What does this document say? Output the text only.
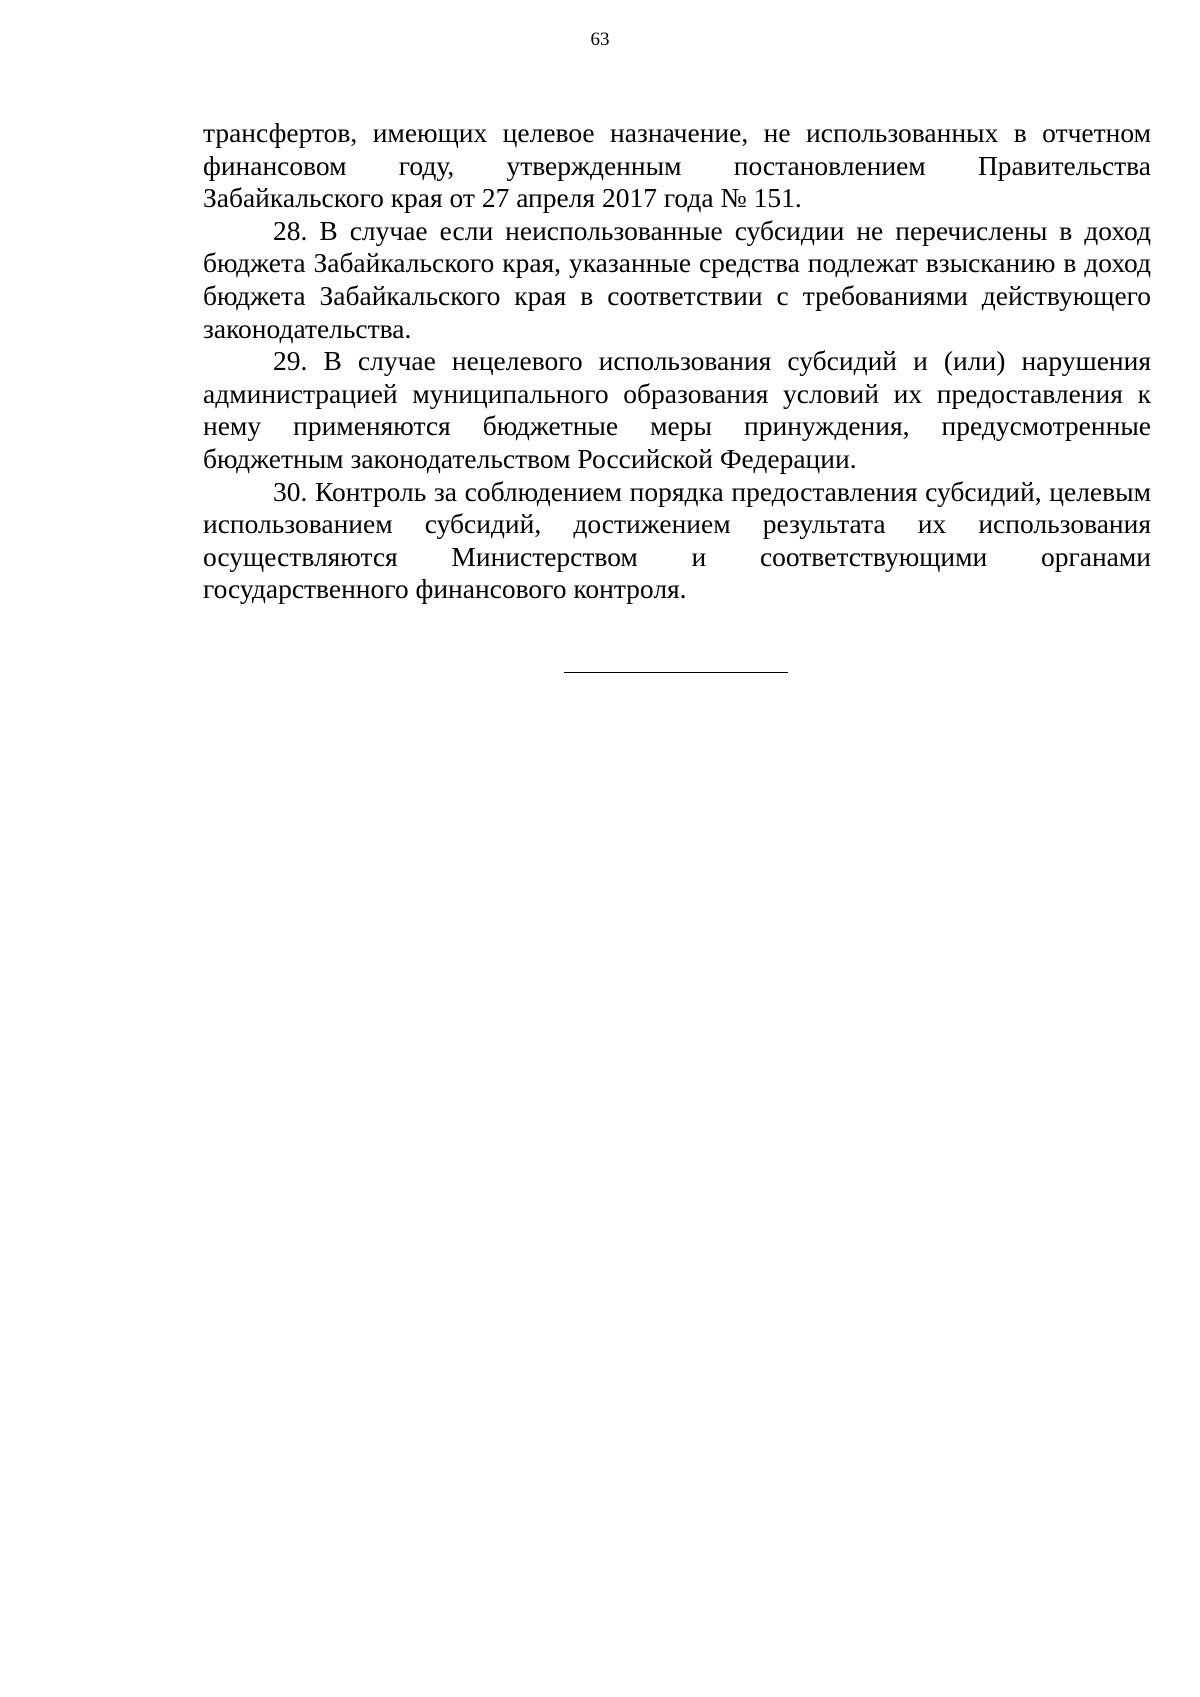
63

трансфертов, имеющих целевое назначение, не использованных в отчетном финансовом году, утвержденным постановлением Правительства Забайкальского края от 27 апреля 2017 года № 151.

28. В случае если неиспользованные субсидии не перечислены в доход бюджета Забайкальского края, указанные средства подлежат взысканию в доход бюджета Забайкальского края в соответствии с требованиями действующего законодательства.

29. В случае нецелевого использования субсидий и (или) нарушения администрацией муниципального образования условий их предоставления к нему применяются бюджетные меры принуждения, предусмотренные бюджетным законодательством Российской Федерации.

30. Контроль за соблюдением порядка предоставления субсидий, целевым использованием субсидий, достижением результата их использования осуществляются Министерством и соответствующими органами государственного финансового контроля.
